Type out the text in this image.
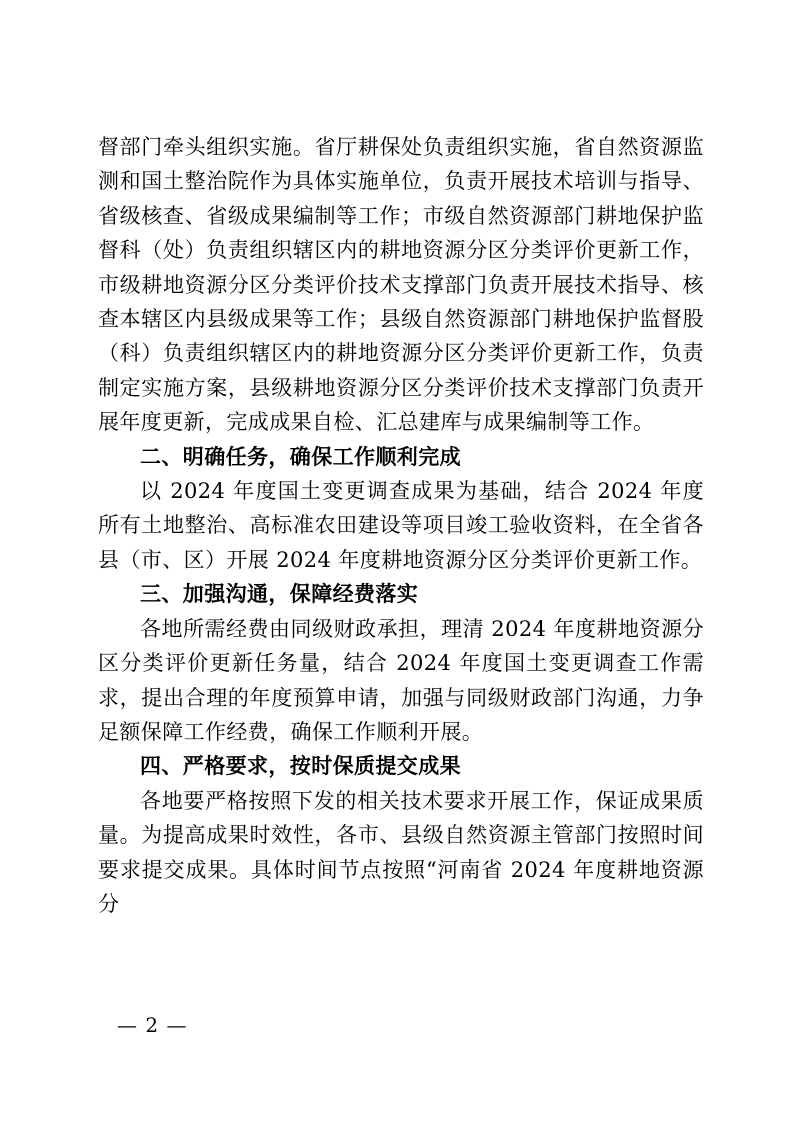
督部门牵头组织实施。省厅耕保处负责组织实施，省自然资源监测和国土整治院作为具体实施单位，负责开展技术培训与指导、省级核查、省级成果编制等工作；市级自然资源部门耕地保护监督科（处）负责组织辖区内的耕地资源分区分类评价更新工作，市级耕地资源分区分类评价技术支撑部门负责开展技术指导、核查本辖区内县级成果等工作；县级自然资源部门耕地保护监督股（科）负责组织辖区内的耕地资源分区分类评价更新工作，负责制定实施方案，县级耕地资源分区分类评价技术支撑部门负责开展年度更新，完成成果自检、汇总建库与成果编制等工作。

二、明确任务，确保工作顺利完成

以 2024 年度国土变更调查成果为基础，结合 2024 年度所有土地整治、高标准农田建设等项目竣工验收资料，在全省各县（市、区）开展 2024 年度耕地资源分区分类评价更新工作。

三、加强沟通，保障经费落实

各地所需经费由同级财政承担，理清 2024 年度耕地资源分区分类评价更新任务量，结合 2024 年度国土变更调查工作需求，提出合理的年度预算申请，加强与同级财政部门沟通，力争足额保障工作经费，确保工作顺利开展。

四、严格要求，按时保质提交成果

各地要严格按照下发的相关技术要求开展工作，保证成果质量。为提高成果时效性，各市、县级自然资源主管部门按照时间要求提交成果。具体时间节点按照“河南省 2024 年度耕地资源分

— 2 —
